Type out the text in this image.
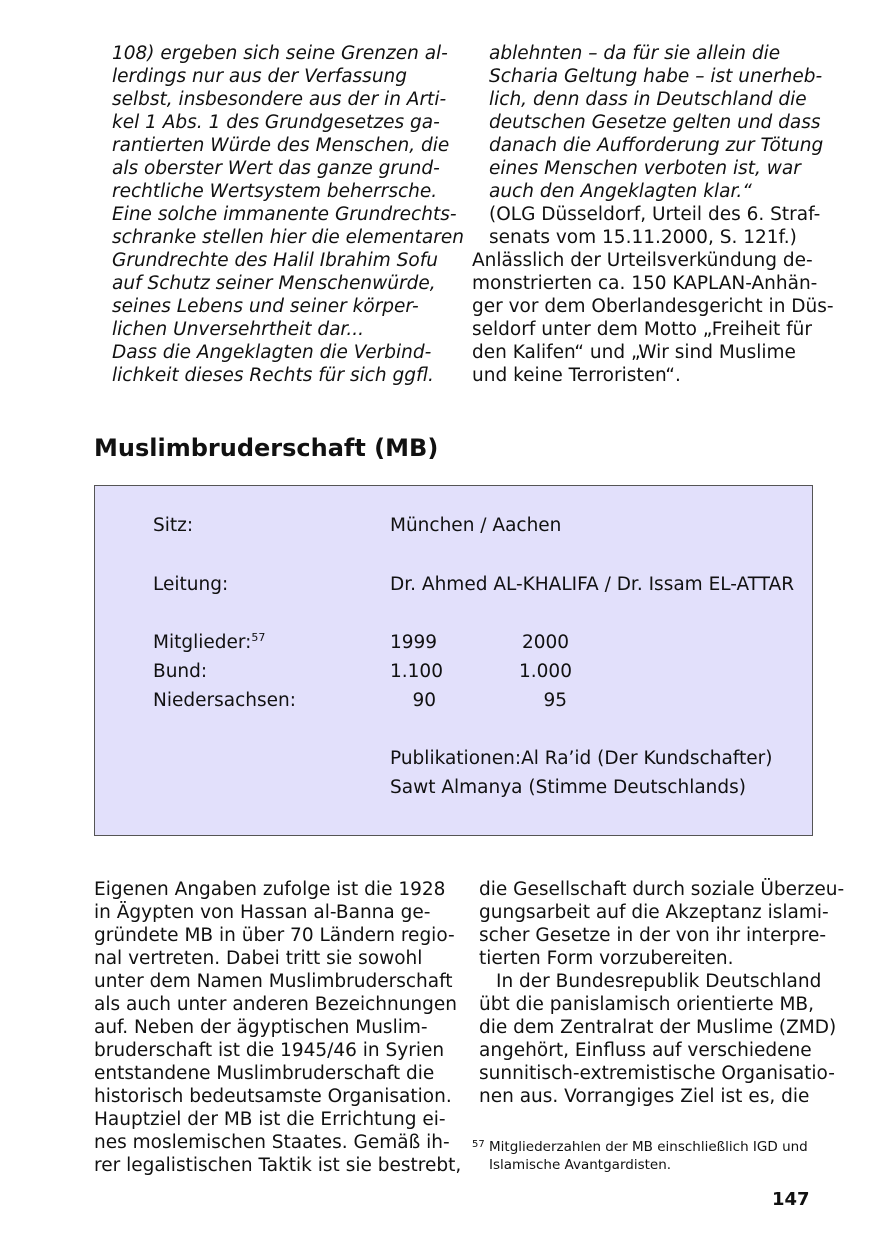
108) ergeben sich seine Grenzen al-
lerdings nur aus der Verfassung
selbst, insbesondere aus der in Arti-
kel 1 Abs. 1 des Grundgesetzes ga-
rantierten Würde des Menschen, die
als oberster Wert das ganze grund-
rechtliche Wertsystem beherrsche.
Eine solche immanente Grundrechts-
schranke stellen hier die elementaren
Grundrechte des Halil Ibrahim Sofu
auf Schutz seiner Menschenwürde,
seines Lebens und seiner körper-
lichen Unversehrtheit dar...
Dass die Angeklagten die Verbind-
lichkeit dieses Rechts für sich ggfl.
ablehnten – da für sie allein die
Scharia Geltung habe – ist unerheb-
lich, denn dass in Deutschland die
deutschen Gesetze gelten und dass
danach die Aufforderung zur Tötung
eines Menschen verboten ist, war
auch den Angeklagten klar.“
(OLG Düsseldorf, Urteil des 6. Straf-
senats vom 15.11.2000, S. 121f.)
Anlässlich der Urteilsverkündung de-
monstrierten ca. 150 KAPLAN-Anhän-
ger vor dem Oberlandesgericht in Düs-
seldorf unter dem Motto „Freiheit für
den Kalifen“ und „Wir sind Muslime
und keine Terroristen“.
Muslimbruderschaft (MB)
Sitz:	München / Aachen
Leitung:	Dr. Ahmed AL-KHALIFA / Dr. Issam EL-ATTAR
Mitglieder:$^{57}$	1999	2000
Bund:	1.100	1.000
Niedersachsen:	90	95
Publikationen:Al Ra’id (Der Kundschafter)
Sawt Almanya (Stimme Deutschlands)
Eigenen Angaben zufolge ist die 1928
in Ägypten von Hassan al-Banna ge-
gründete MB in über 70 Ländern regio-
nal vertreten. Dabei tritt sie sowohl
unter dem Namen Muslimbruderschaft
als auch unter anderen Bezeichnungen
auf. Neben der ägyptischen Muslim-
bruderschaft ist die 1945/46 in Syrien
entstandene Muslimbruderschaft die
historisch bedeutsamste Organisation.
Hauptziel der MB ist die Errichtung ei-
nes moslemischen Staates. Gemäß ih-
rer legalistischen Taktik ist sie bestrebt,
die Gesellschaft durch soziale Überzeu-
gungsarbeit auf die Akzeptanz islami-
scher Gesetze in der von ihr interpre-
tierten Form vorzubereiten.
In der Bundesrepublik Deutschland
übt die panislamisch orientierte MB,
die dem Zentralrat der Muslime (ZMD)
angehört, Einfluss auf verschiedene
sunnitisch-extremistische Organisatio-
nen aus. Vorrangiges Ziel ist es, die
57 Mitgliederzahlen der MB einschließlich IGD und
Islamische Avantgardisten.
147
